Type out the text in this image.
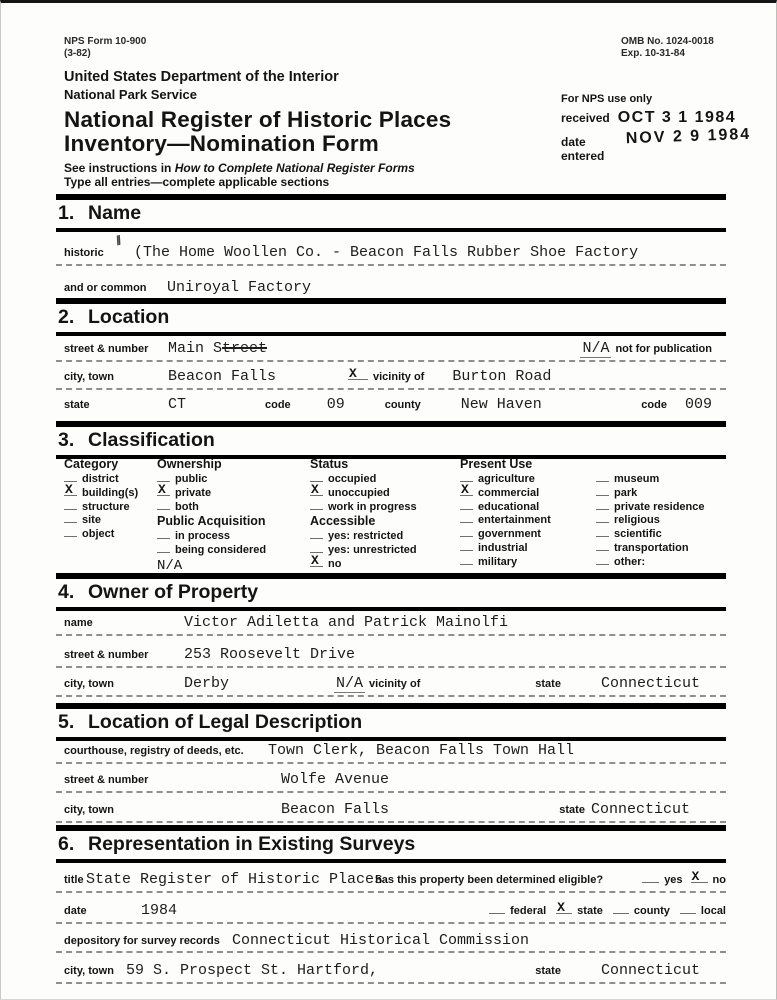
NPS Form 10-900
(3-82)
OMB No. 1024-0018
Exp. 10-31-84
United States Department of the Interior
National Park Service
National Register of Historic Places
Inventory—Nomination Form
See instructions in How to Complete National Register Forms
Type all entries—complete applicable sections
For NPS use only
received OCT 3 1 1984
date entered
NOV 2 9 1984
1. Name
historic
//
(The Home Woollen Co. - Beacon Falls Rubber Shoe Factory
and or common	Uniroyal Factory
2. Location
street & number	Main Street	N/A not for publication
city, town	Beacon Falls	X vicinity of Burton Road
state	CT	code 09	county	New Haven	code 009
3. Classification
Category
district
X building(s)
structure
site
object
Ownership
public
X private
both
Public Acquisition
in process
being considered
N/A
Status
occupied
X unoccupied
work in progress
Accessible
yes: restricted
yes: unrestricted
X no
Present Use
agriculture
X commercial
educational
entertainment
government
industrial
military

museum
park
private residence
religious
scientific
transportation
other:
4. Owner of Property
name	Victor Adiletta and Patrick Mainolfi
street & number	253 Roosevelt Drive
city, town	Derby	N/A vicinity of	state	Connecticut
5. Location of Legal Description
courthouse, registry of deeds, etc.	Town Clerk, Beacon Falls Town Hall
street & number	Wolfe Avenue
city, town	Beacon Falls	state Connecticut
6. Representation in Existing Surveys
title State Register of Historic Places
has this property been determined eligible?	yes X no
date	1984	federal X state	county	local
depository for survey records Connecticut Historical Commission
city, town 59 S. Prospect St. Hartford,	state	Connecticut
